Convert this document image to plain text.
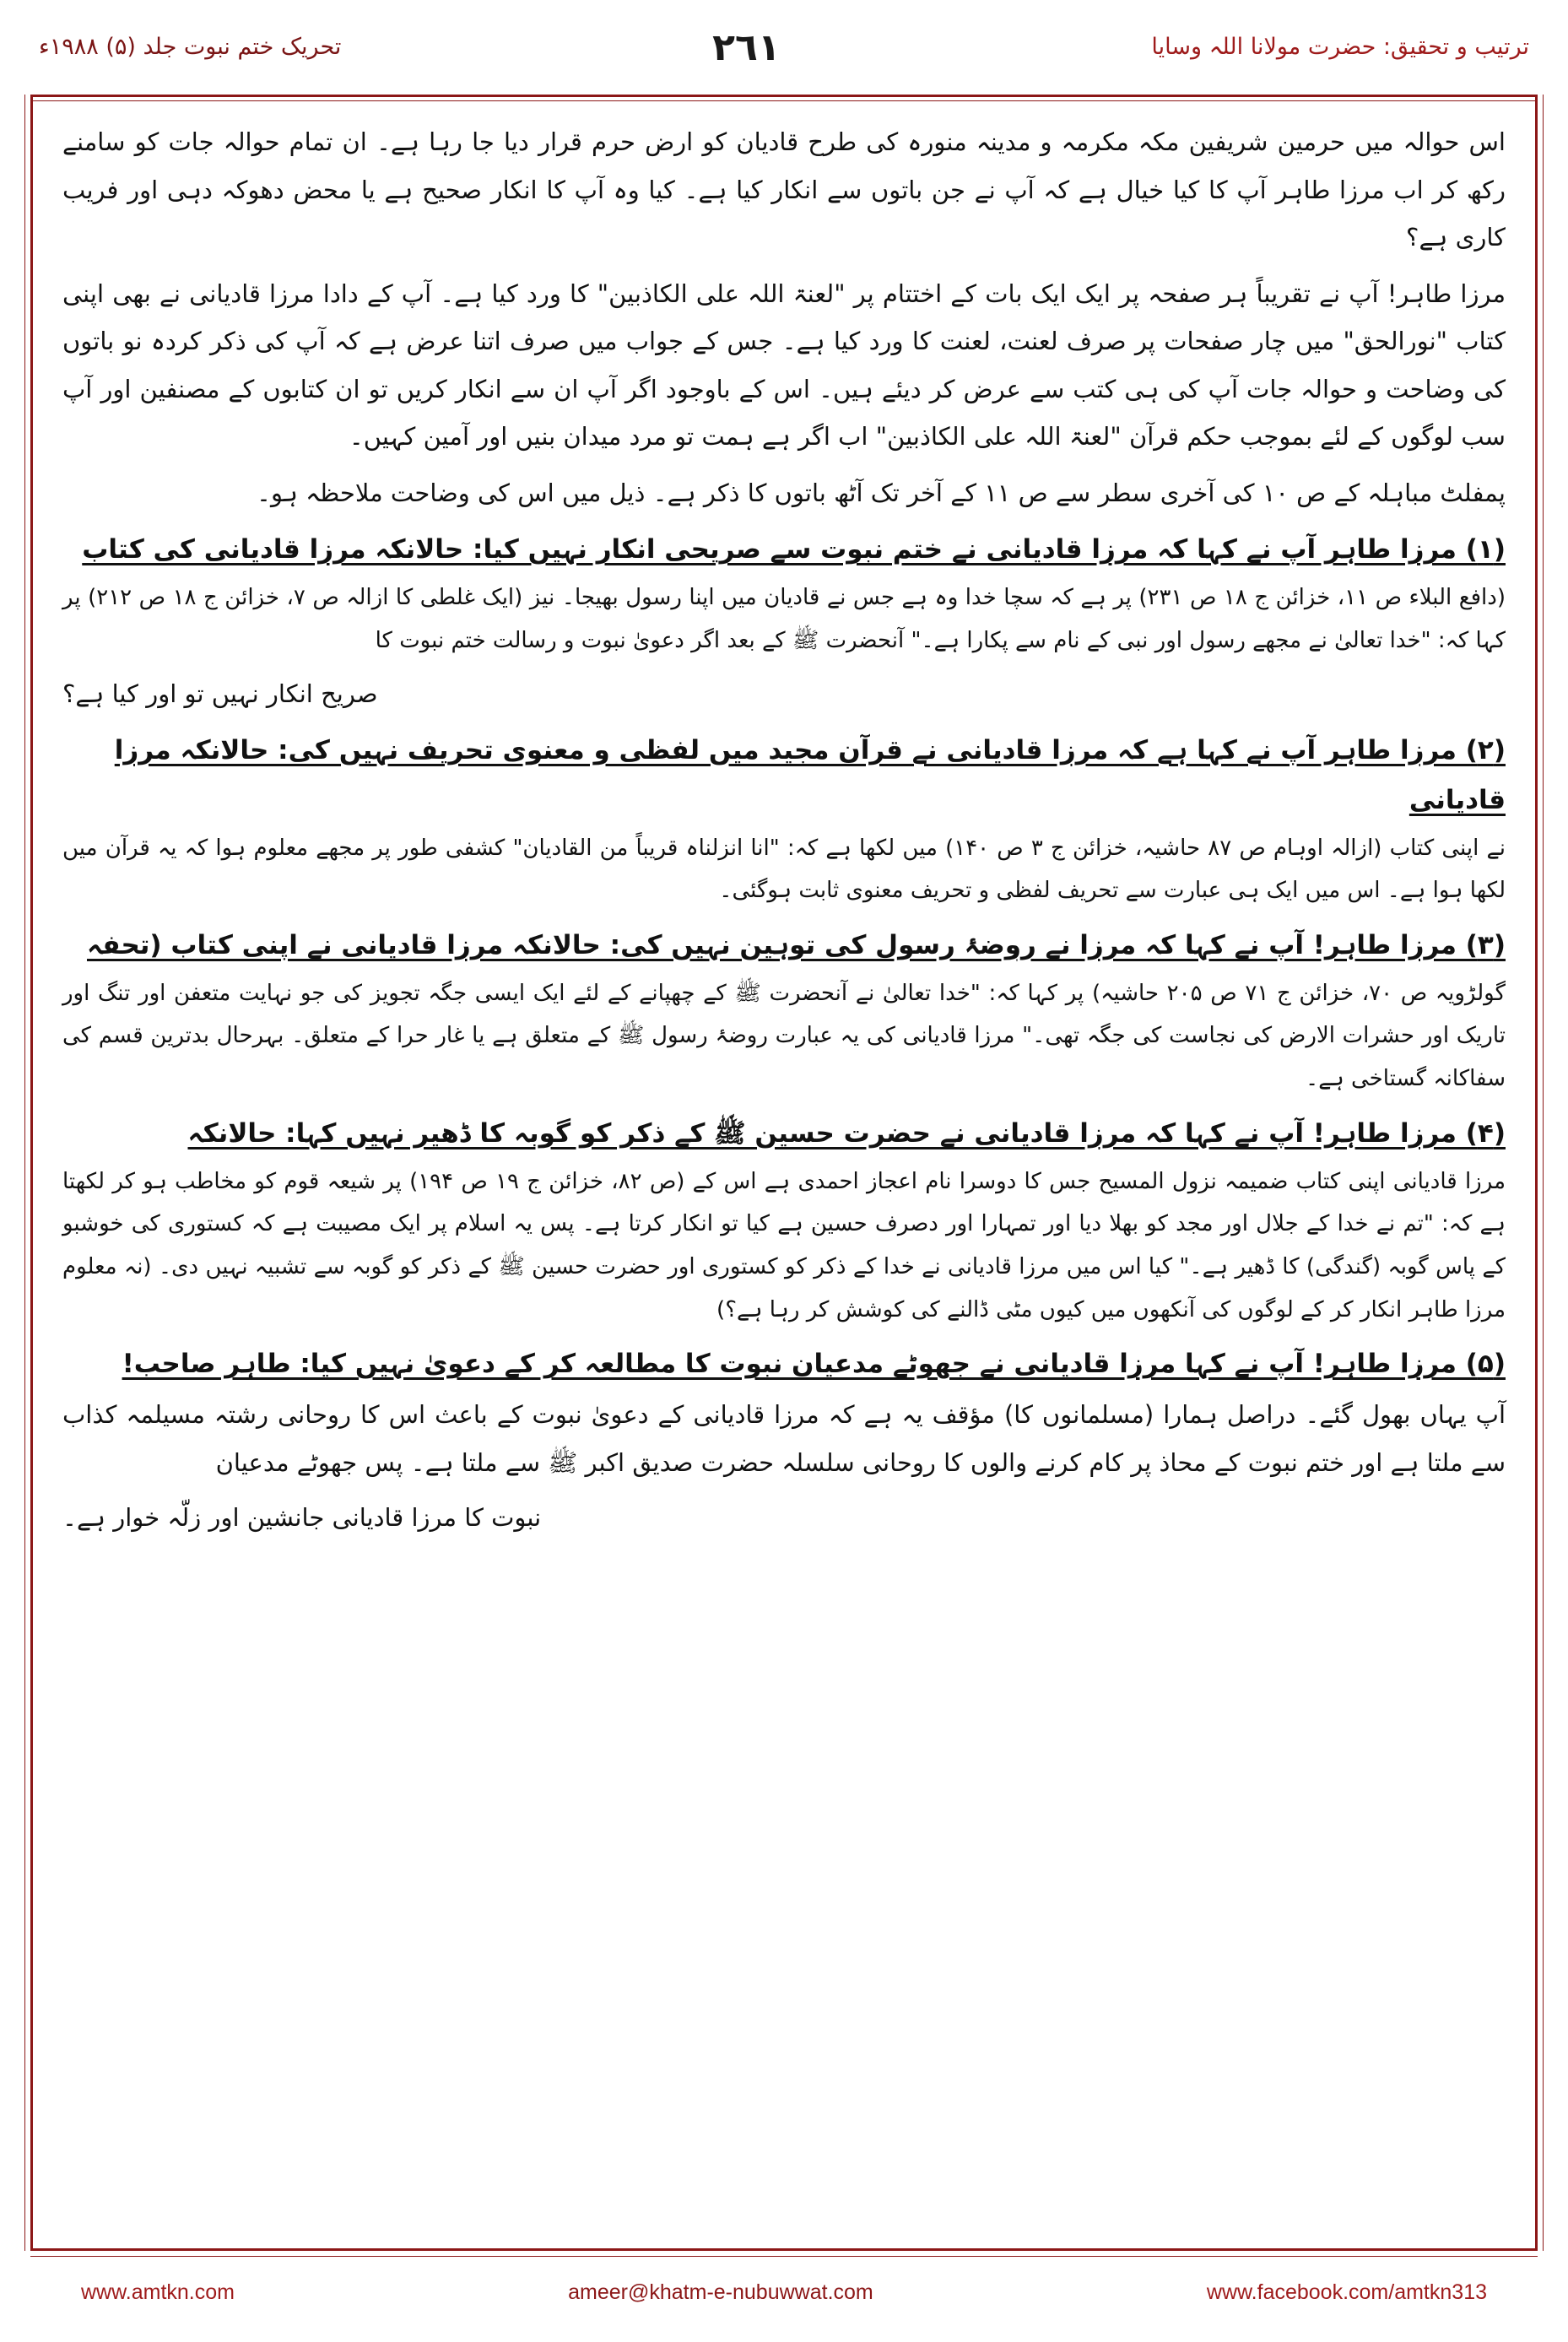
ترتیب و تحقیق: حضرت مولانا اللہ وسایا
۲٦۱
تحریک ختم نبوت جلد (۵) ۱۹۸۸ء

اس حوالہ میں حرمین شریفین مکہ مکرمہ و مدینہ منورہ کی طرح قادیان کو ارض حرم قرار دیا جا رہا ہے۔ ان تمام حوالہ جات کو سامنے رکھ کر اب مرزا طاہر آپ کا کیا خیال ہے کہ آپ نے جن باتوں سے انکار کیا ہے۔ کیا وہ آپ کا انکار صحیح ہے یا محض دھوکہ دہی اور فریب کاری ہے؟

مرزا طاہر! آپ نے تقریباً ہر صفحہ پر ایک ایک بات کے اختتام پر "لعنۃ اللہ علی الکاذبین" کا ورد کیا ہے۔ آپ کے دادا مرزا قادیانی نے بھی اپنی کتاب "نورالحق" میں چار صفحات پر صرف لعنت، لعنت کا ورد کیا ہے۔ جس کے جواب میں صرف اتنا عرض ہے کہ آپ کی ذکر کردہ نو باتوں کی وضاحت و حوالہ جات آپ کی ہی کتب سے عرض کر دیئے ہیں۔ اس کے باوجود اگر آپ ان سے انکار کریں تو ان کتابوں کے مصنفین اور آپ سب لوگوں کے لئے بموجب حکم قرآن "لعنۃ اللہ علی الکاذبین" اب اگر ہے ہمت تو مرد میدان بنیں اور آمین کہیں۔

پمفلٹ مباہلہ کے ص ۱۰ کی آخری سطر سے ص ۱۱ کے آخر تک آٹھ باتوں کا ذکر ہے۔ ذیل میں اس کی وضاحت ملاحظہ ہو۔

(۱) مرزا طاہر آپ نے کہا کہ مرزا قادیانی نے ختم نبوت سے صریحی انکار نہیں کیا: حالانکہ مرزا قادیانی کی کتاب

(دافع البلاء ص ۱۱، خزائن ج ۱۸ ص ۲۳۱) پر ہے کہ سچا خدا وہ ہے جس نے قادیان میں اپنا رسول بھیجا۔ نیز (ایک غلطی کا ازالہ ص ۷، خزائن ج ۱۸ ص ۲۱۲) پر کہا کہ: "خدا تعالیٰ نے مجھے رسول اور نبی کے نام سے پکارا ہے۔" آنحضرت ﷺ کے بعد اگر دعویٰ نبوت و رسالت ختم نبوت کا

صریح انکار نہیں تو اور کیا ہے؟

(۲) مرزا طاہر آپ نے کہا ہے کہ مرزا قادیانی نے قرآن مجید میں لفظی و معنوی تحریف نہیں کی: حالانکہ مرزا قادیانی

نے اپنی کتاب (ازالہ اوہام ص ۸۷ حاشیہ، خزائن ج ۳ ص ۱۴۰) میں لکھا ہے کہ: "انا انزلناہ قریباً من القادیان" کشفی طور پر مجھے معلوم ہوا کہ یہ قرآن میں لکھا ہوا ہے۔ اس میں ایک ہی عبارت سے تحریف لفظی و تحریف معنوی ثابت ہوگئی۔

(۳) مرزا طاہر! آپ نے کہا کہ مرزا نے روضۂ رسول کی توہین نہیں کی: حالانکہ مرزا قادیانی نے اپنی کتاب (تحفہ

گولڑویہ ص ۷۰، خزائن ج ۷۱ ص ۲۰۵ حاشیہ) پر کہا کہ: "خدا تعالیٰ نے آنحضرت ﷺ کے چھپانے کے لئے ایک ایسی جگہ تجویز کی جو نہایت متعفن اور تنگ اور تاریک اور حشرات الارض کی نجاست کی جگہ تھی۔" مرزا قادیانی کی یہ عبارت روضۂ رسول ﷺ کے متعلق ہے یا غار حرا کے متعلق۔ بہرحال بدترین قسم کی سفاکانہ گستاخی ہے۔

(۴) مرزا طاہر! آپ نے کہا کہ مرزا قادیانی نے حضرت حسین ﷺ کے ذکر کو گوبہ کا ڈھیر نہیں کہا: حالانکہ

مرزا قادیانی اپنی کتاب ضمیمہ نزول المسیح جس کا دوسرا نام اعجاز احمدی ہے اس کے (ص ۸۲، خزائن ج ۱۹ ص ۱۹۴) پر شیعہ قوم کو مخاطب ہو کر لکھتا ہے کہ: "تم نے خدا کے جلال اور مجد کو بھلا دیا اور تمہارا اور دصرف حسین ہے کیا تو انکار کرتا ہے۔ پس یہ اسلام پر ایک مصیبت ہے کہ کستوری کی خوشبو کے پاس گوبہ (گندگی) کا ڈھیر ہے۔" کیا اس میں مرزا قادیانی نے خدا کے ذکر کو کستوری اور حضرت حسین ﷺ کے ذکر کو گوبہ سے تشبیہ نہیں دی۔ (نہ معلوم مرزا طاہر انکار کر کے لوگوں کی آنکھوں میں کیوں مٹی ڈالنے کی کوشش کر رہا ہے؟)

(۵) مرزا طاہر! آپ نے کہا مرزا قادیانی نے جھوٹے مدعیان نبوت کا مطالعہ کر کے دعویٰ نہیں کیا: طاہر صاحب!

آپ یہاں بھول گئے۔ دراصل ہمارا (مسلمانوں کا) مؤقف یہ ہے کہ مرزا قادیانی کے دعویٰ نبوت کے باعث اس کا روحانی رشتہ مسیلمہ کذاب سے ملتا ہے اور ختم نبوت کے محاذ پر کام کرنے والوں کا روحانی سلسلہ حضرت صدیق اکبر ﷺ سے ملتا ہے۔ پس جھوٹے مدعیان

نبوت کا مرزا قادیانی جانشین اور زلّہ خوار ہے۔

www.amtkn.com	ameer@khatm-e-nubuwwat.com	www.facebook.com/amtkn313
